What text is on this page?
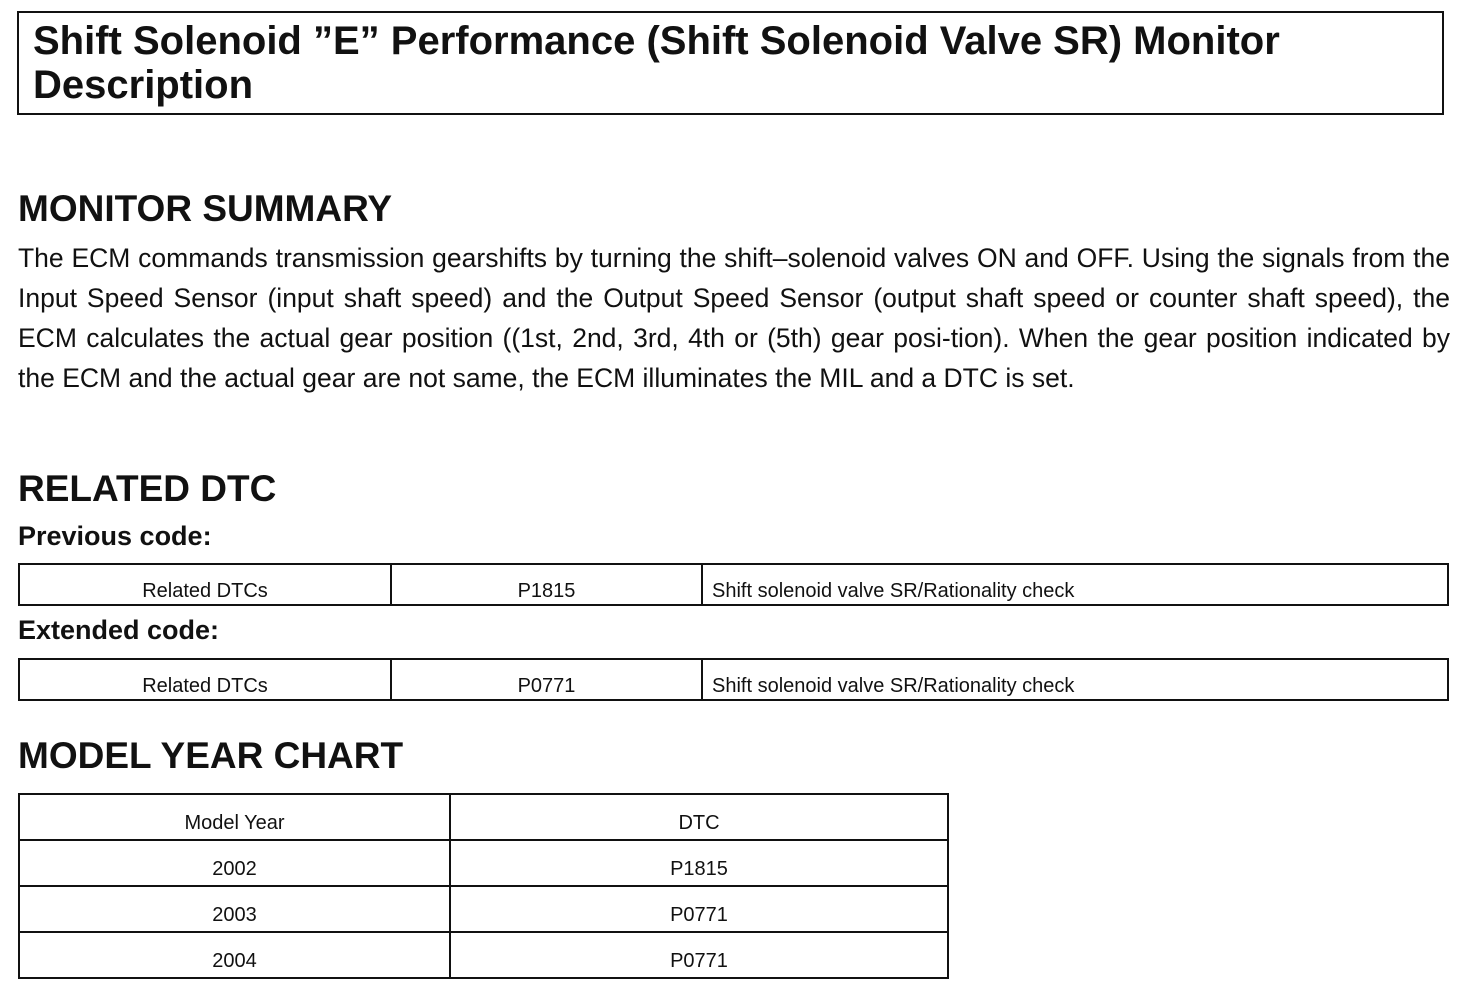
Shift Solenoid ”E” Performance (Shift Solenoid Valve SR) Monitor Description
MONITOR SUMMARY

The ECM commands transmission gearshifts by turning the shift–solenoid valves ON and OFF. Using the signals from the Input Speed Sensor (input shaft speed) and the Output Speed Sensor (output shaft speed or counter shaft speed), the ECM calculates the actual gear position ((1st, 2nd, 3rd, 4th or (5th) gear posi-tion). When the gear position indicated by the ECM and the actual gear are not same, the ECM illuminates the MIL and a DTC is set.

RELATED DTC
Previous code:
Related DTCs	P1815	Shift solenoid valve SR/Rationality check
Extended code:
Related DTCs	P0771	Shift solenoid valve SR/Rationality check
MODEL YEAR CHART
Model Year	DTC
2002	P1815
2003	P0771
2004	P0771
